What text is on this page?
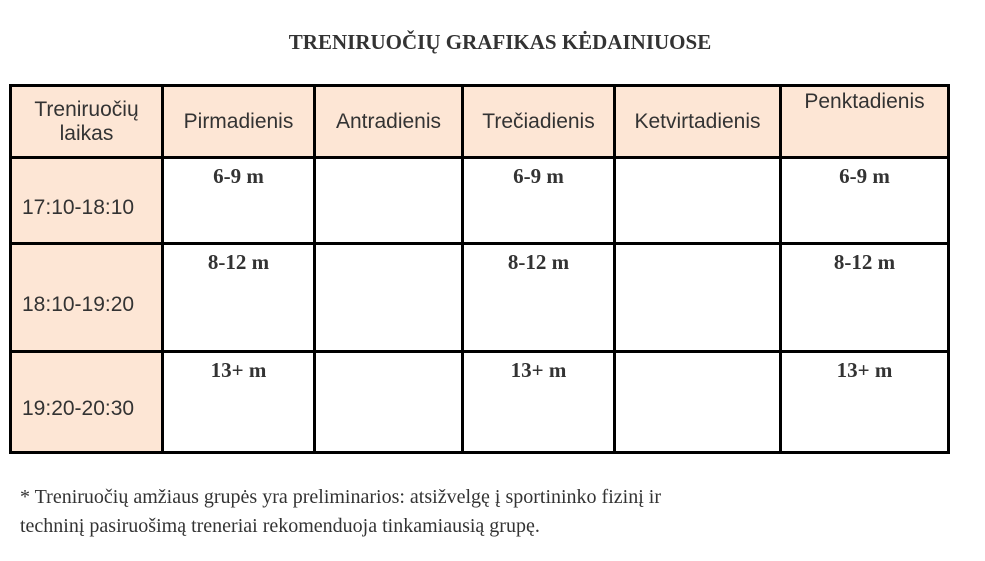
TRENIRUOČIŲ GRAFIKAS KĖDAINIUOSE
Treniruočių laikas	Pirmadienis	Antradienis	Trečiadienis	Ketvirtadienis	Penktadienis
17:10-18:10	6-9 m		6-9 m		6-9 m
18:10-19:20	8-12 m		8-12 m		8-12 m
19:20-20:30	13+ m		13+ m		13+ m

* Treniruočių amžiaus grupės yra preliminarios: atsižvelgę į sportininko fizinį ir
techninį pasiruošimą treneriai rekomenduoja tinkamiausią grupę.
